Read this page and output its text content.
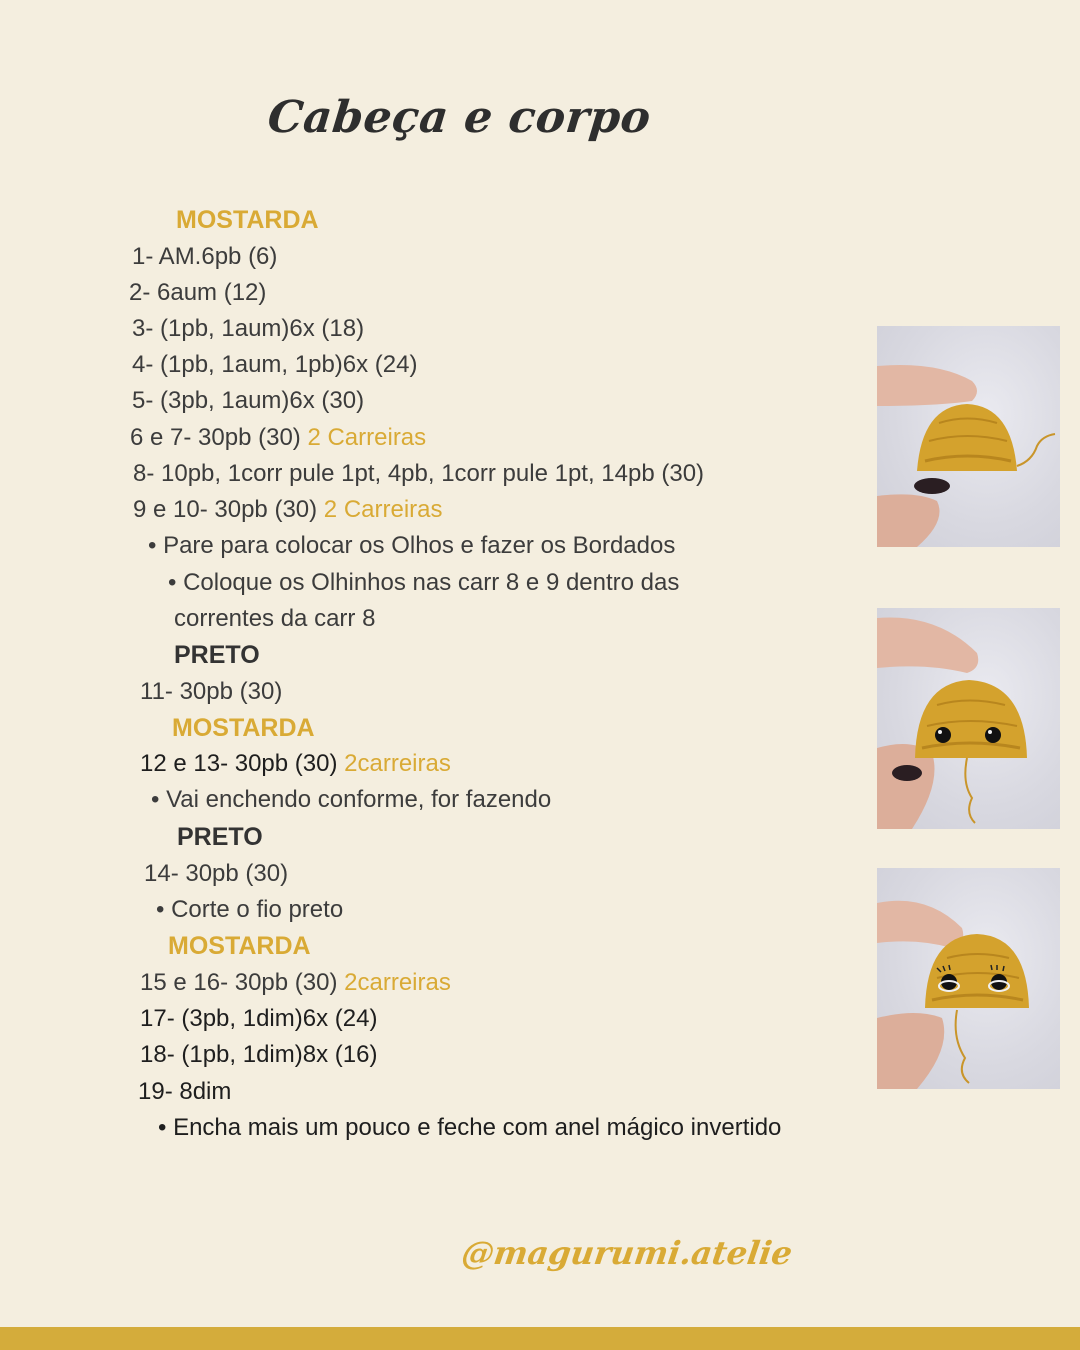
Cabeça e corpo
MOSTARDA
1- AM.6pb (6)
2- 6aum (12)
3- (1pb, 1aum)6x (18)
4- (1pb, 1aum, 1pb)6x (24)
5- (3pb, 1aum)6x (30)
6 e 7- 30pb (30) 2 Carreiras
8- 10pb, 1corr pule 1pt, 4pb, 1corr pule 1pt, 14pb (30)
9 e 10- 30pb (30) 2 Carreiras
• Pare para colocar os Olhos e fazer os Bordados
• Coloque os Olhinhos nas carr 8 e 9 dentro das
correntes da carr 8
PRETO
11- 30pb (30)
MOSTARDA
12 e 13- 30pb (30) 2carreiras
• Vai enchendo conforme, for fazendo
PRETO
14- 30pb (30)
• Corte o fio preto
MOSTARDA
15 e 16- 30pb (30) 2carreiras
17- (3pb, 1dim)6x (24)
18- (1pb, 1dim)8x (16)
19- 8dim
• Encha mais um pouco e feche com anel mágico invertido
@magurumi.atelie
